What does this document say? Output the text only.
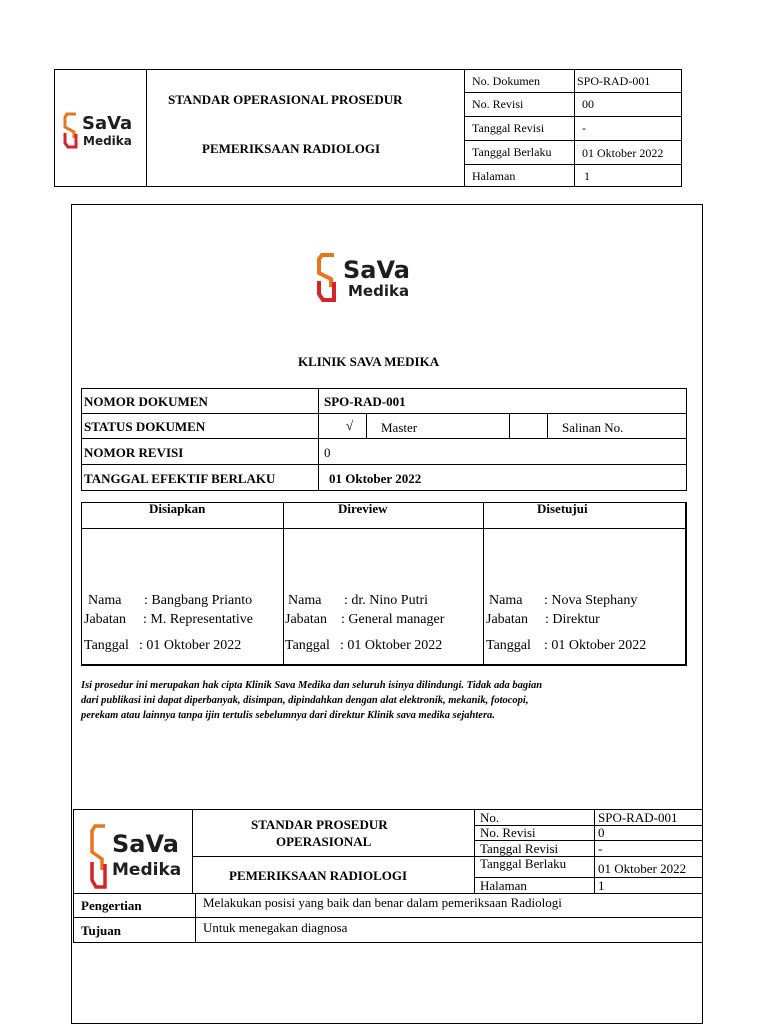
SaVa
Medika
STANDAR OPERASIONAL PROSEDUR
PEMERIKSAAN RADIOLOGI
No. Dokumen	SPO-RAD-001
No. Revisi	00
Tanggal Revisi	-
Tanggal Berlaku	01 Oktober 2022
Halaman	1
SaVa
Medika
KLINIK SAVA MEDIKA
NOMOR DOKUMEN	SPO-RAD-001
STATUS DOKUMEN	√ Master	Salinan No.
NOMOR REVISI	0
TANGGAL EFEKTIF BERLAKU	01 Oktober 2022
Disiapkan	Direview	Disetujui
Nama : Bangbang Prianto
Jabatan : M. Representative
Tanggal : 01 Oktober 2022
Nama : dr. Nino Putri
Jabatan : General manager
Tanggal : 01 Oktober 2022
Nama : Nova Stephany
Jabatan : Direktur
Tanggal : 01 Oktober 2022
Isi prosedur ini merupakan hak cipta Klinik Sava Medika dan seluruh isinya dilindungi. Tidak ada bagian
dari publikasi ini dapat diperbanyak, disimpan, dipindahkan dengan alat elektronik, mekanik, fotocopi,
perekam atau lainnya tanpa ijin tertulis sebelumnya dari direktur Klinik sava medika sejahtera.
SaVa
Medika
STANDAR PROSEDUR
OPERASIONAL
PEMERIKSAAN RADIOLOGI
No.	SPO-RAD-001
No. Revisi	0
Tanggal Revisi	-
Tanggal Berlaku 01 Oktober 2022
Halaman	1
Pengertian	Melakukan posisi yang baik dan benar dalam pemeriksaan Radiologi
Tujuan	Untuk menegakan diagnosa
